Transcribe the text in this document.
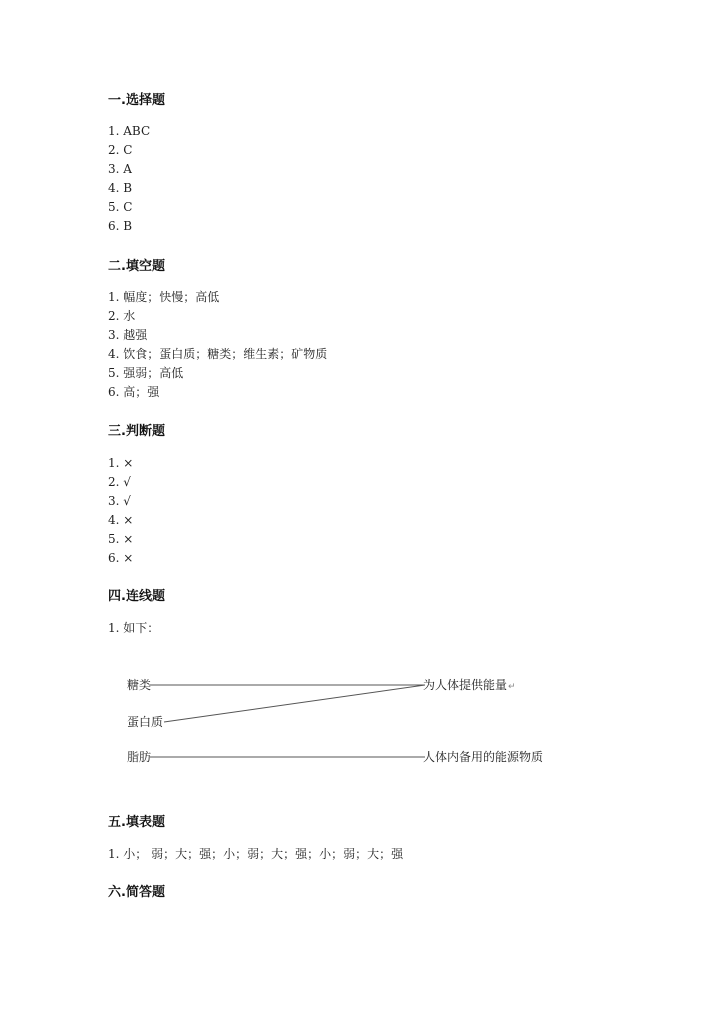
一.选择题
1. ABC
2. C
3. A
4. B
5. C
6. B
二.填空题
1. 幅度；快慢；高低
2. 水
3. 越强
4. 饮食；蛋白质；糖类；维生素；矿物质
5. 强弱；高低
6. 高；强
三.判断题
1. ×
2. √
3. √
4. ×
5. ×
6. ×
四.连线题

1. 如下：

糖类
蛋白质
脂肪
为人体提供能量↵
人体内备用的能源物质
五.填表题

1. 小； 弱；大；强；小；弱；大；强；小；弱；大；强

六.简答题
